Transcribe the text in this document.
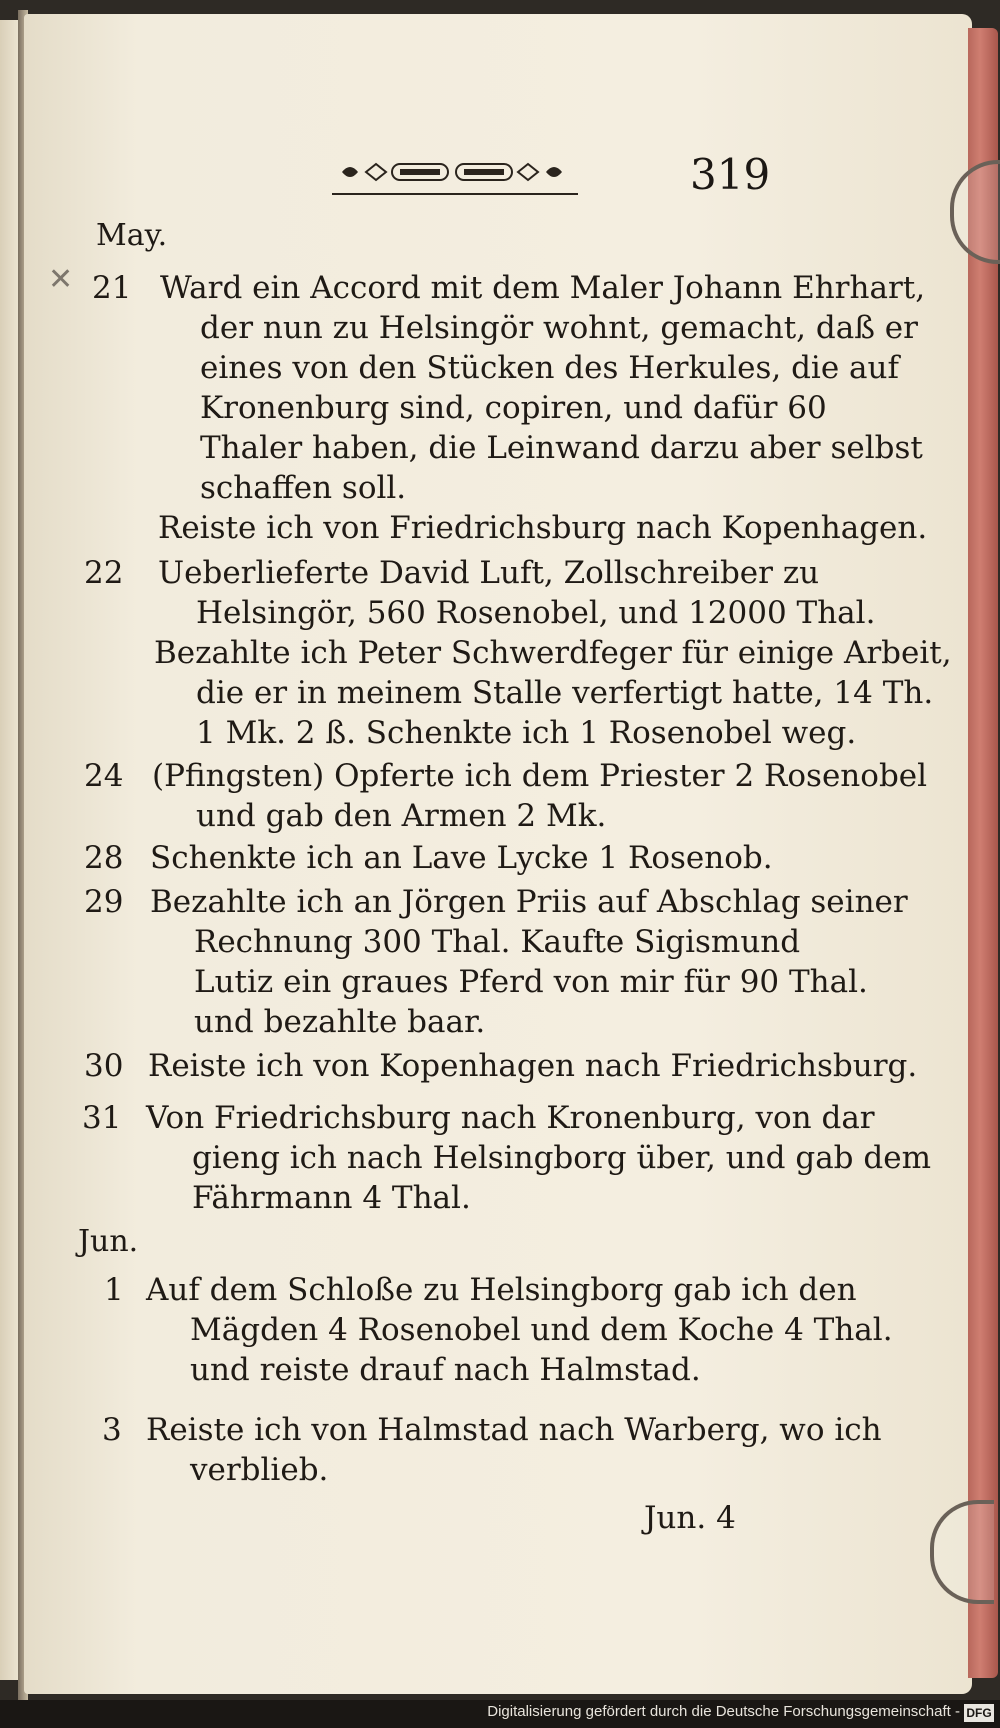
319
✕
May.
21 Ward ein Accord mit dem Maler Johann Ehrhart,
der nun zu Helsingör wohnt, gemacht, daß er
eines von den Stücken des Herkules, die auf
Kronenburg sind, copiren, und dafür 60
Thaler haben, die Leinwand darzu aber selbst
schaffen soll.
Reiste ich von Friedrichsburg nach Kopenhagen.
22 Ueberlieferte David Luft, Zollschreiber zu
Helsingör, 560 Rosenobel, und 12000 Thal.
Bezahlte ich Peter Schwerdfeger für einige Arbeit,
die er in meinem Stalle verfertigt hatte, 14 Th.
1 Mk. 2 ß. Schenkte ich 1 Rosenobel weg.
24 (Pfingsten) Opferte ich dem Priester 2 Rosenobel
und gab den Armen 2 Mk.
28 Schenkte ich an Lave Lycke 1 Rosenob.
29 Bezahlte ich an Jörgen Priis auf Abschlag seiner
Rechnung 300 Thal. Kaufte Sigismund
Lutiz ein graues Pferd von mir für 90 Thal.
und bezahlte baar.
30 Reiste ich von Kopenhagen nach Friedrichsburg.
31 Von Friedrichsburg nach Kronenburg, von dar
gieng ich nach Helsingborg über, und gab dem
Fährmann 4 Thal.
Jun.
1 Auf dem Schloße zu Helsingborg gab ich den
Mägden 4 Rosenobel und dem Koche 4 Thal.
und reiste drauf nach Halmstad.
3 Reiste ich von Halmstad nach Warberg, wo ich
verblieb.
Jun. 4
Digitalisierung gefördert durch die Deutsche Forschungsgemeinschaft - DFG
